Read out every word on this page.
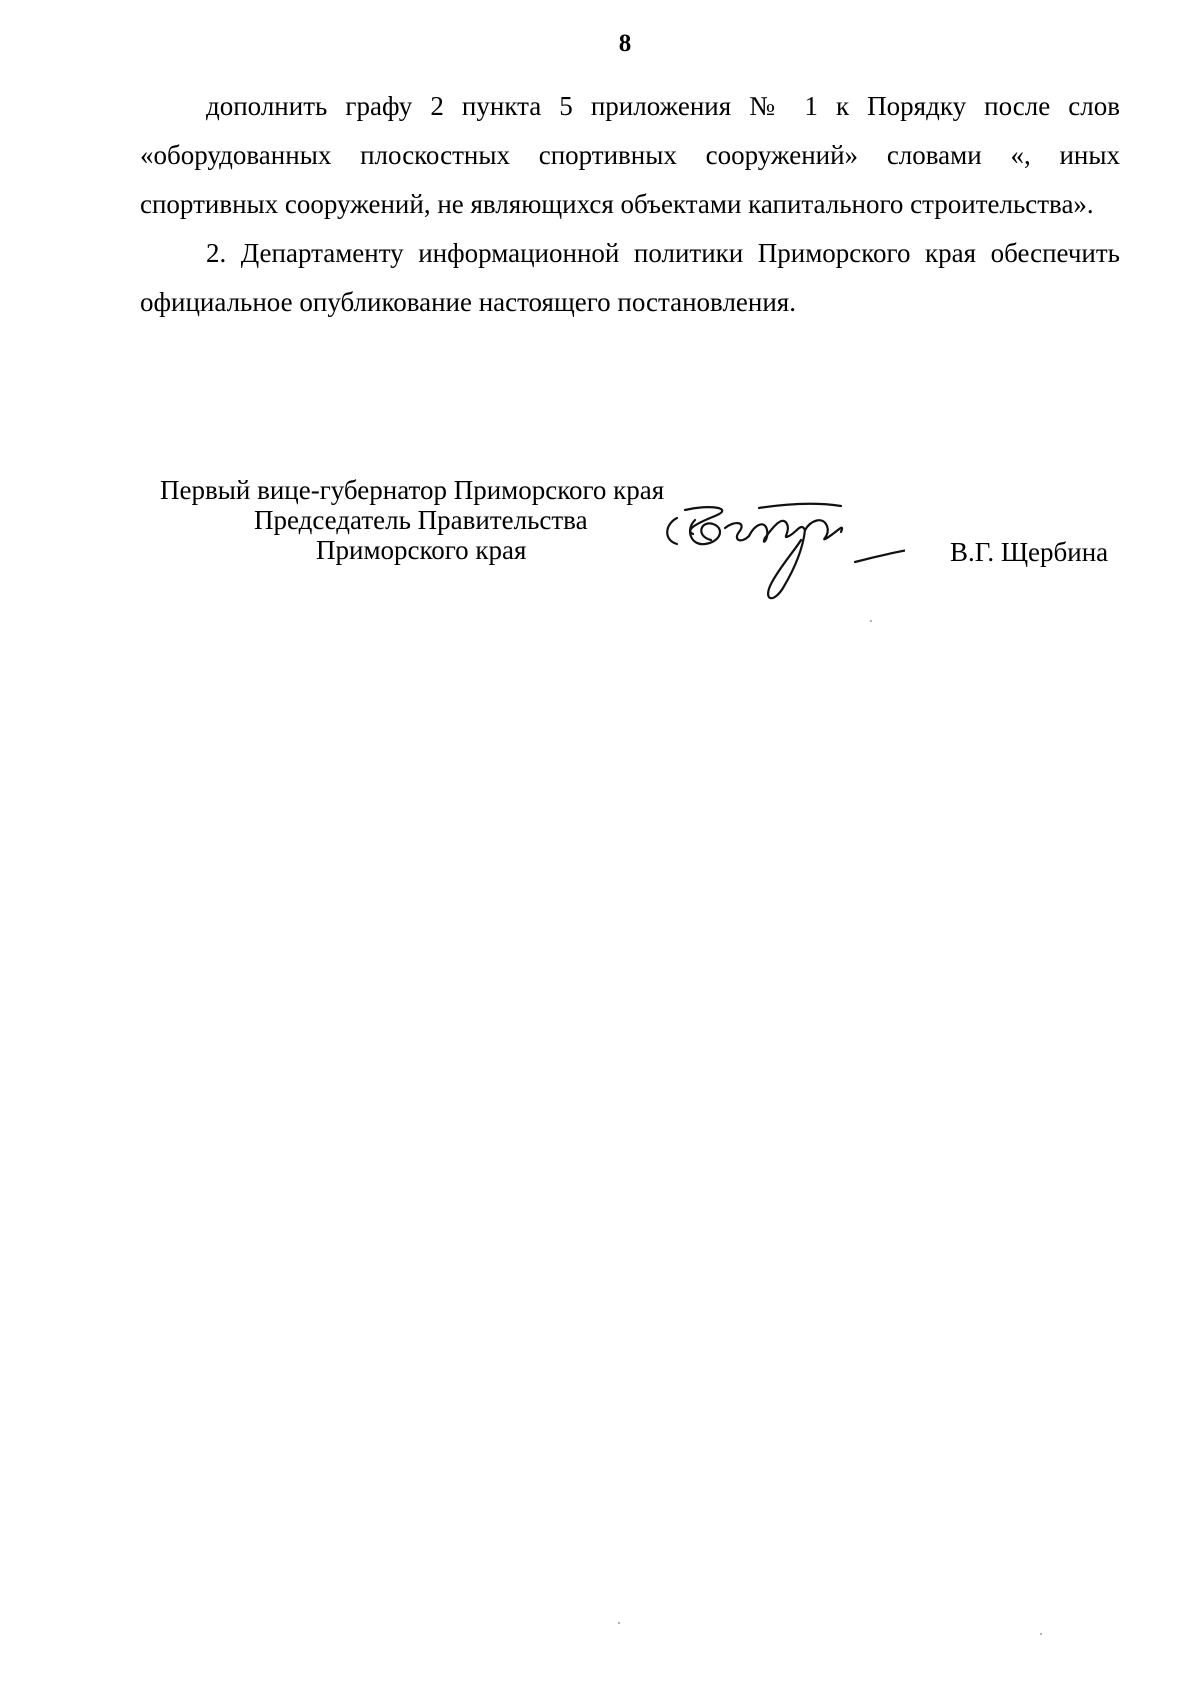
8

дополнить графу 2 пункта 5 приложения № 1 к Порядку после слов «оборудованных плоскостных спортивных сооружений» словами «, иных спортивных сооружений, не являющихся объектами капитального строительства».

2. Департаменту информационной политики Приморского края обеспечить официальное опубликование настоящего постановления.

Первый вице-губернатор Приморского края

Председатель Правительства

Приморского края	В.Г. Щербина
